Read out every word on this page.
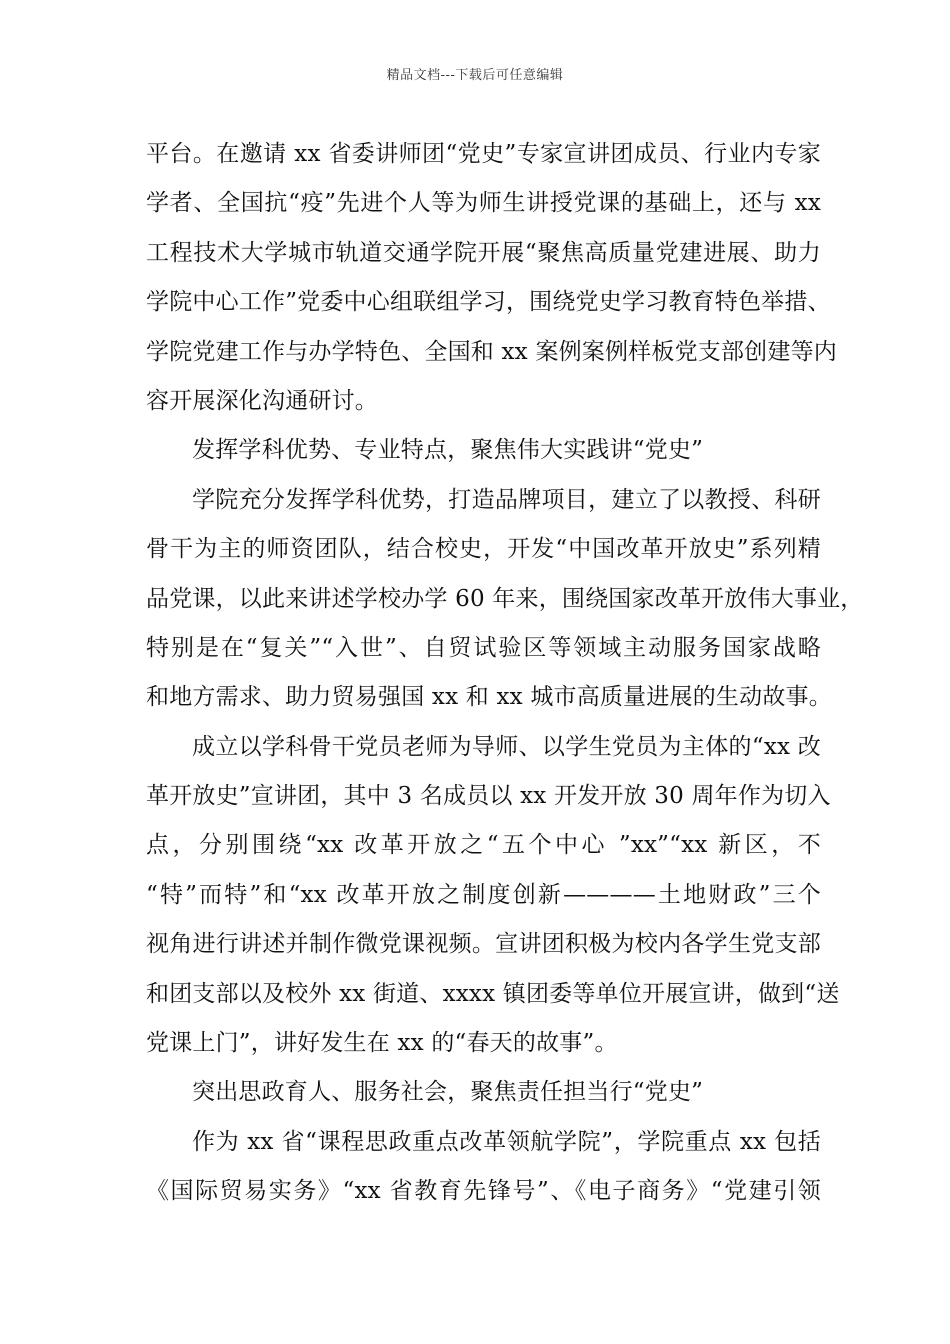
精品文档---下载后可任意编辑
平台。在邀请 xx 省委讲师团“党史”专家宣讲团成员、行业内专家
学者、全国抗“疫”先进个人等为师生讲授党课的基础上，还与 xx
工程技术大学城市轨道交通学院开展“聚焦高质量党建进展、助力
学院中心工作”党委中心组联组学习，围绕党史学习教育特色举措、
学院党建工作与办学特色、全国和 xx 案例案例样板党支部创建等内
容开展深化沟通研讨。
发挥学科优势、专业特点，聚焦伟大实践讲“党史”
学院充分发挥学科优势，打造品牌项目，建立了以教授、科研
骨干为主的师资团队，结合校史，开发“中国改革开放史”系列精
品党课，以此来讲述学校办学 60 年来，围绕国家改革开放伟大事业，
特别是在“复关”“入世”、自贸试验区等领域主动服务国家战略
和地方需求、助力贸易强国 xx 和 xx 城市高质量进展的生动故事。
成立以学科骨干党员老师为导师、以学生党员为主体的“xx 改
革开放史”宣讲团，其中 3 名成员以 xx 开发开放 30 周年作为切入
点，分别围绕“xx 改革开放之“五个中心 ”xx”“xx 新区，不
“特”而特”和“xx 改革开放之制度创新————土地财政”三个
视角进行讲述并制作微党课视频。宣讲团积极为校内各学生党支部
和团支部以及校外 xx 街道、xxxx 镇团委等单位开展宣讲，做到“送
党课上门”，讲好发生在 xx 的“春天的故事”。
突出思政育人、服务社会，聚焦责任担当行“党史”
作为 xx 省“课程思政重点改革领航学院”，学院重点 xx 包括
《国际贸易实务》“xx 省教育先锋号”、《电子商务》“党建引领
